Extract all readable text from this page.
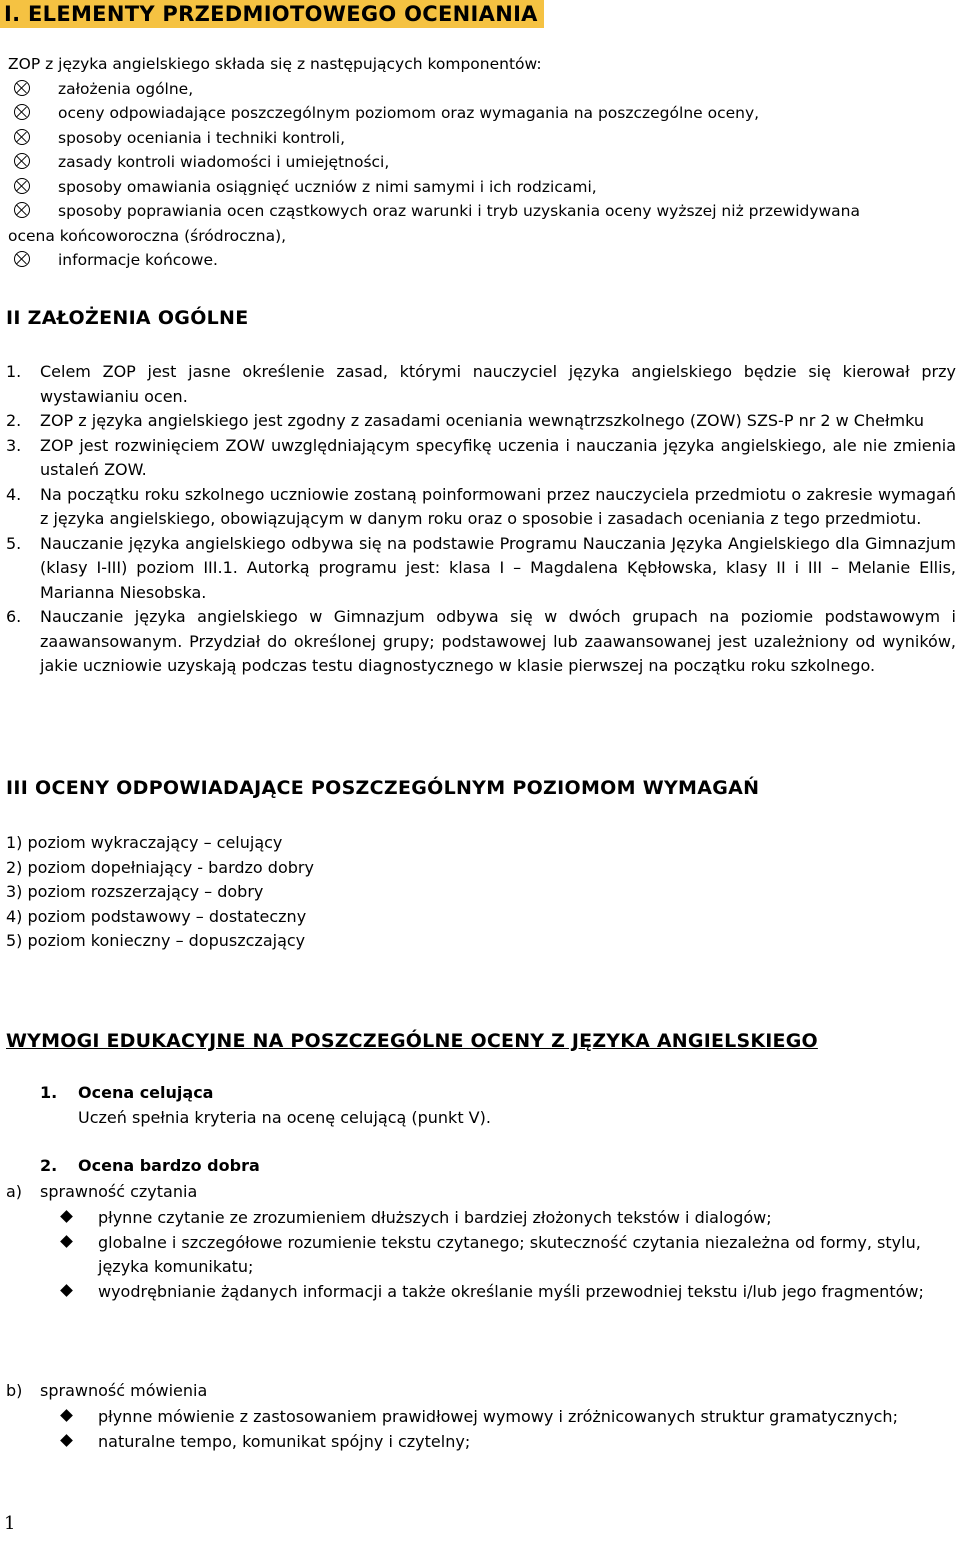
I. ELEMENTY PRZEDMIOTOWEGO OCENIANIA
ZOP z języka angielskiego składa się z następujących komponentów:
założenia ogólne,
oceny odpowiadające poszczególnym poziomom oraz wymagania na poszczególne oceny,
sposoby oceniania i techniki kontroli,
zasady kontroli wiadomości i umiejętności,
sposoby omawiania osiągnięć uczniów z nimi samymi i ich rodzicami,
sposoby poprawiania ocen cząstkowych oraz warunki i tryb uzyskania oceny wyższej niż przewidywana
ocena końcoworoczna (śródroczna),
informacje końcowe.
II ZAŁOŻENIA OGÓLNE
1. Celem ZOP jest jasne określenie zasad, którymi nauczyciel języka angielskiego będzie się kierował przy wystawianiu ocen.
2. ZOP z języka angielskiego jest zgodny z zasadami oceniania wewnątrzszkolnego (ZOW) SZS-P nr 2 w Chełmku
3. ZOP jest rozwinięciem ZOW uwzględniającym specyfikę uczenia i nauczania języka angielskiego, ale nie zmienia ustaleń ZOW.
4. Na początku roku szkolnego uczniowie zostaną poinformowani przez nauczyciela przedmiotu o zakresie wymagań z języka angielskiego, obowiązującym w danym roku oraz o sposobie i zasadach oceniania z tego przedmiotu.
5. Nauczanie języka angielskiego odbywa się na podstawie Programu Nauczania Języka Angielskiego dla Gimnazjum (klasy I-III) poziom III.1. Autorką programu jest: klasa I – Magdalena Kębłowska, klasy II i III – Melanie Ellis, Marianna Niesobska.
6. Nauczanie języka angielskiego w Gimnazjum odbywa się w dwóch grupach na poziomie podstawowym i zaawansowanym. Przydział do określonej grupy; podstawowej lub zaawansowanej jest uzależniony od wyników, jakie uczniowie uzyskają podczas testu diagnostycznego w klasie pierwszej na początku roku szkolnego.
III OCENY ODPOWIADAJĄCE POSZCZEGÓLNYM POZIOMOM WYMAGAŃ
1) poziom wykraczający – celujący
2) poziom dopełniający - bardzo dobry
3) poziom rozszerzający – dobry
4) poziom podstawowy – dostateczny
5) poziom konieczny – dopuszczający
WYMOGI EDUKACYJNE NA POSZCZEGÓLNE OCENY Z JĘZYKA ANGIELSKIEGO
1. Ocena celująca
Uczeń spełnia kryteria na ocenę celującą (punkt V).
2. Ocena bardzo dobra
a) sprawność czytania
płynne czytanie ze zrozumieniem dłuższych i bardziej złożonych tekstów i dialogów;
globalne i szczegółowe rozumienie tekstu czytanego; skuteczność czytania niezależna od formy, stylu, języka komunikatu;
wyodrębnianie żądanych informacji a także określanie myśli przewodniej tekstu i/lub jego fragmentów;
b) sprawność mówienia
płynne mówienie z zastosowaniem prawidłowej wymowy i zróżnicowanych struktur gramatycznych;
naturalne tempo, komunikat spójny i czytelny;
1
